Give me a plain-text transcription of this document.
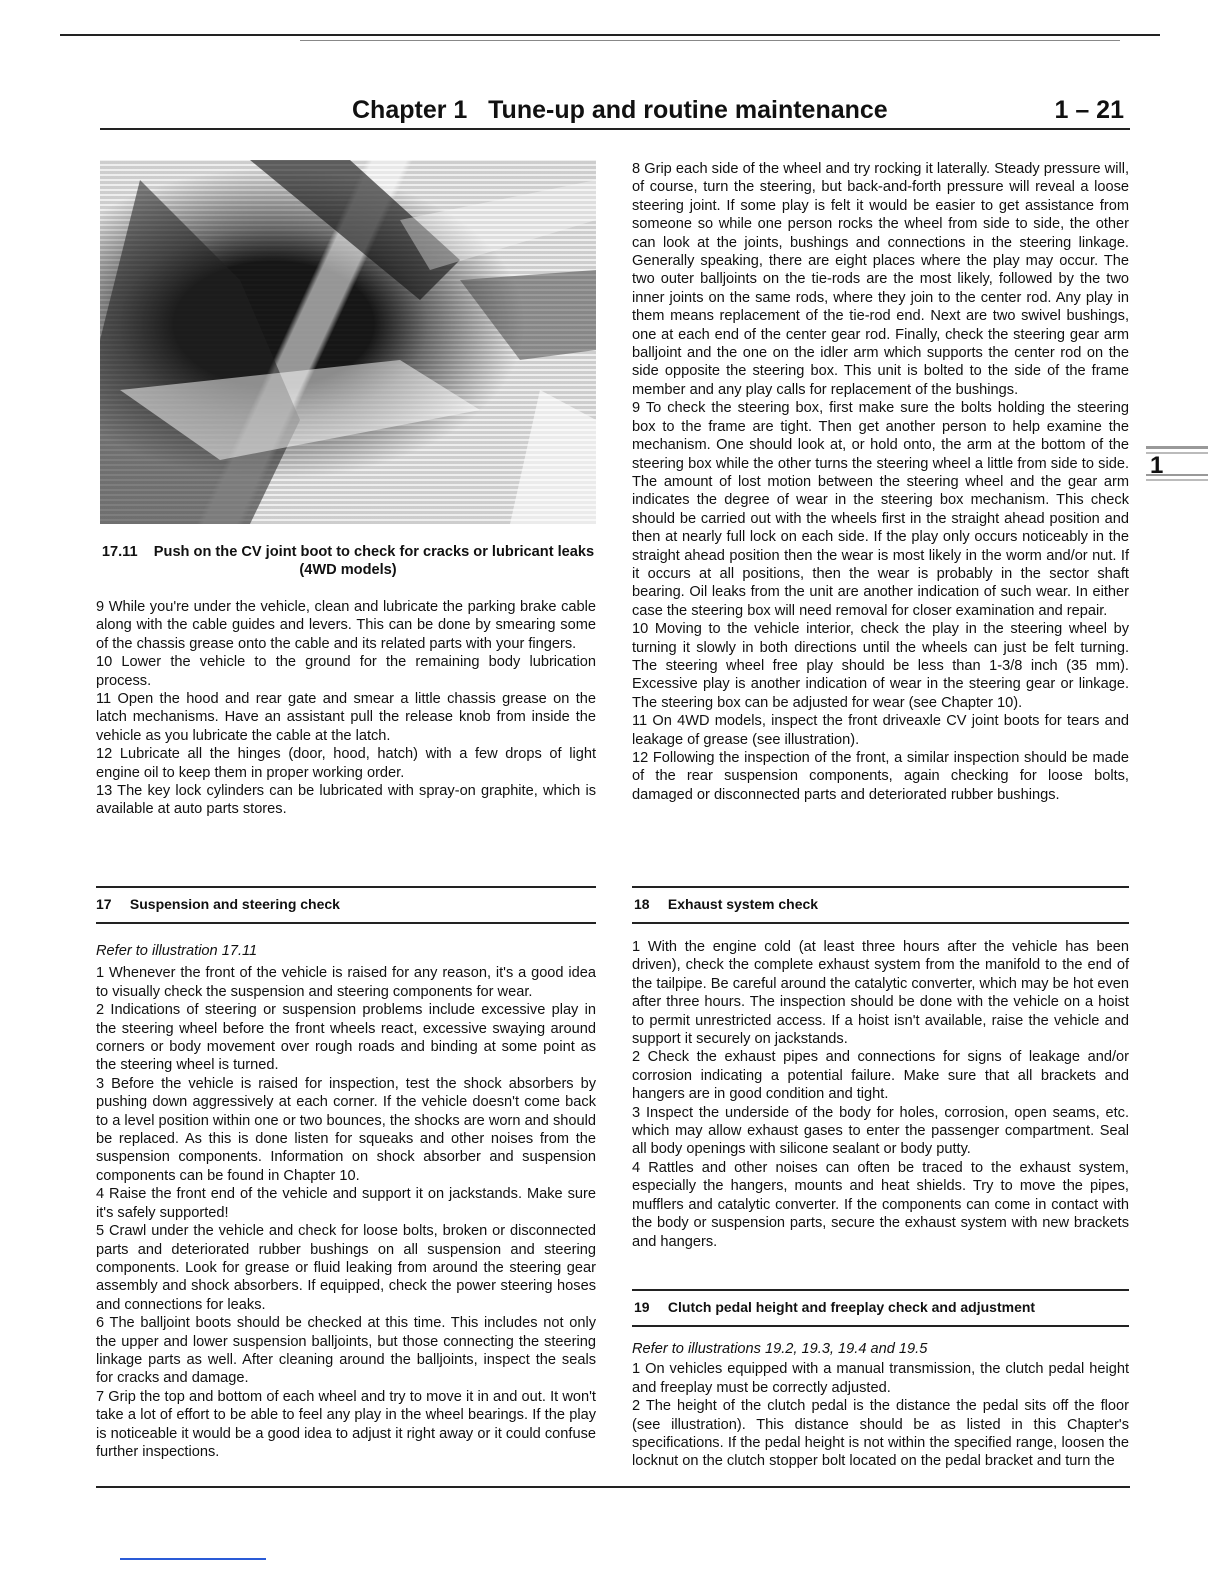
Chapter 1   Tune-up and routine maintenance	1 – 21
17.11 Push on the CV joint boot to check for cracks or lubricant leaks (4WD models)

9 While you're under the vehicle, clean and lubricate the parking brake cable along with the cable guides and levers. This can be done by smearing some of the chassis grease onto the cable and its related parts with your fingers.

10 Lower the vehicle to the ground for the remaining body lubrication process.

11 Open the hood and rear gate and smear a little chassis grease on the latch mechanisms. Have an assistant pull the release knob from inside the vehicle as you lubricate the cable at the latch.

12 Lubricate all the hinges (door, hood, hatch) with a few drops of light engine oil to keep them in proper working order.

13 The key lock cylinders can be lubricated with spray-on graphite, which is available at auto parts stores.

17 Suspension and steering check

Refer to illustration 17.11

1 Whenever the front of the vehicle is raised for any reason, it's a good idea to visually check the suspension and steering components for wear.

2 Indications of steering or suspension problems include excessive play in the steering wheel before the front wheels react, excessive swaying around corners or body movement over rough roads and binding at some point as the steering wheel is turned.

3 Before the vehicle is raised for inspection, test the shock absorbers by pushing down aggressively at each corner. If the vehicle doesn't come back to a level position within one or two bounces, the shocks are worn and should be replaced. As this is done listen for squeaks and other noises from the suspension components. Information on shock absorber and suspension components can be found in Chapter 10.

4 Raise the front end of the vehicle and support it on jackstands. Make sure it's safely supported!

5 Crawl under the vehicle and check for loose bolts, broken or disconnected parts and deteriorated rubber bushings on all suspension and steering components. Look for grease or fluid leaking from around the steering gear assembly and shock absorbers. If equipped, check the power steering hoses and connections for leaks.

6 The balljoint boots should be checked at this time. This includes not only the upper and lower suspension balljoints, but those connecting the steering linkage parts as well. After cleaning around the balljoints, inspect the seals for cracks and damage.

7 Grip the top and bottom of each wheel and try to move it in and out. It won't take a lot of effort to be able to feel any play in the wheel bearings. If the play is noticeable it would be a good idea to adjust it right away or it could confuse further inspections.

8 Grip each side of the wheel and try rocking it laterally. Steady pressure will, of course, turn the steering, but back-and-forth pressure will reveal a loose steering joint. If some play is felt it would be easier to get assistance from someone so while one person rocks the wheel from side to side, the other can look at the joints, bushings and connections in the steering linkage. Generally speaking, there are eight places where the play may occur. The two outer balljoints on the tie-rods are the most likely, followed by the two inner joints on the same rods, where they join to the center rod. Any play in them means replacement of the tie-rod end. Next are two swivel bushings, one at each end of the center gear rod. Finally, check the steering gear arm balljoint and the one on the idler arm which supports the center rod on the side opposite the steering box. This unit is bolted to the side of the frame member and any play calls for replacement of the bushings.

9 To check the steering box, first make sure the bolts holding the steering box to the frame are tight. Then get another person to help examine the mechanism. One should look at, or hold onto, the arm at the bottom of the steering box while the other turns the steering wheel a little from side to side. The amount of lost motion between the steering wheel and the gear arm indicates the degree of wear in the steering box mechanism. This check should be carried out with the wheels first in the straight ahead position and then at nearly full lock on each side. If the play only occurs noticeably in the straight ahead position then the wear is most likely in the worm and/or nut. If it occurs at all positions, then the wear is probably in the sector shaft bearing. Oil leaks from the unit are another indication of such wear. In either case the steering box will need removal for closer examination and repair.

10 Moving to the vehicle interior, check the play in the steering wheel by turning it slowly in both directions until the wheels can just be felt turning. The steering wheel free play should be less than 1-3/8 inch (35 mm). Excessive play is another indication of wear in the steering gear or linkage. The steering box can be adjusted for wear (see Chapter 10).

11 On 4WD models, inspect the front driveaxle CV joint boots for tears and leakage of grease (see illustration).

12 Following the inspection of the front, a similar inspection should be made of the rear suspension components, again checking for loose bolts, damaged or disconnected parts and deteriorated rubber bushings.

18 Exhaust system check

1 With the engine cold (at least three hours after the vehicle has been driven), check the complete exhaust system from the manifold to the end of the tailpipe. Be careful around the catalytic converter, which may be hot even after three hours. The inspection should be done with the vehicle on a hoist to permit unrestricted access. If a hoist isn't available, raise the vehicle and support it securely on jackstands.

2 Check the exhaust pipes and connections for signs of leakage and/or corrosion indicating a potential failure. Make sure that all brackets and hangers are in good condition and tight.

3 Inspect the underside of the body for holes, corrosion, open seams, etc. which may allow exhaust gases to enter the passenger compartment. Seal all body openings with silicone sealant or body putty.

4 Rattles and other noises can often be traced to the exhaust system, especially the hangers, mounts and heat shields. Try to move the pipes, mufflers and catalytic converter. If the components can come in contact with the body or suspension parts, secure the exhaust system with new brackets and hangers.

19 Clutch pedal height and freeplay check and adjustment

Refer to illustrations 19.2, 19.3, 19.4 and 19.5

1 On vehicles equipped with a manual transmission, the clutch pedal height and freeplay must be correctly adjusted.

2 The height of the clutch pedal is the distance the pedal sits off the floor (see illustration). This distance should be as listed in this Chapter's specifications. If the pedal height is not within the specified range, loosen the locknut on the clutch stopper bolt located on the pedal bracket and turn the

1
